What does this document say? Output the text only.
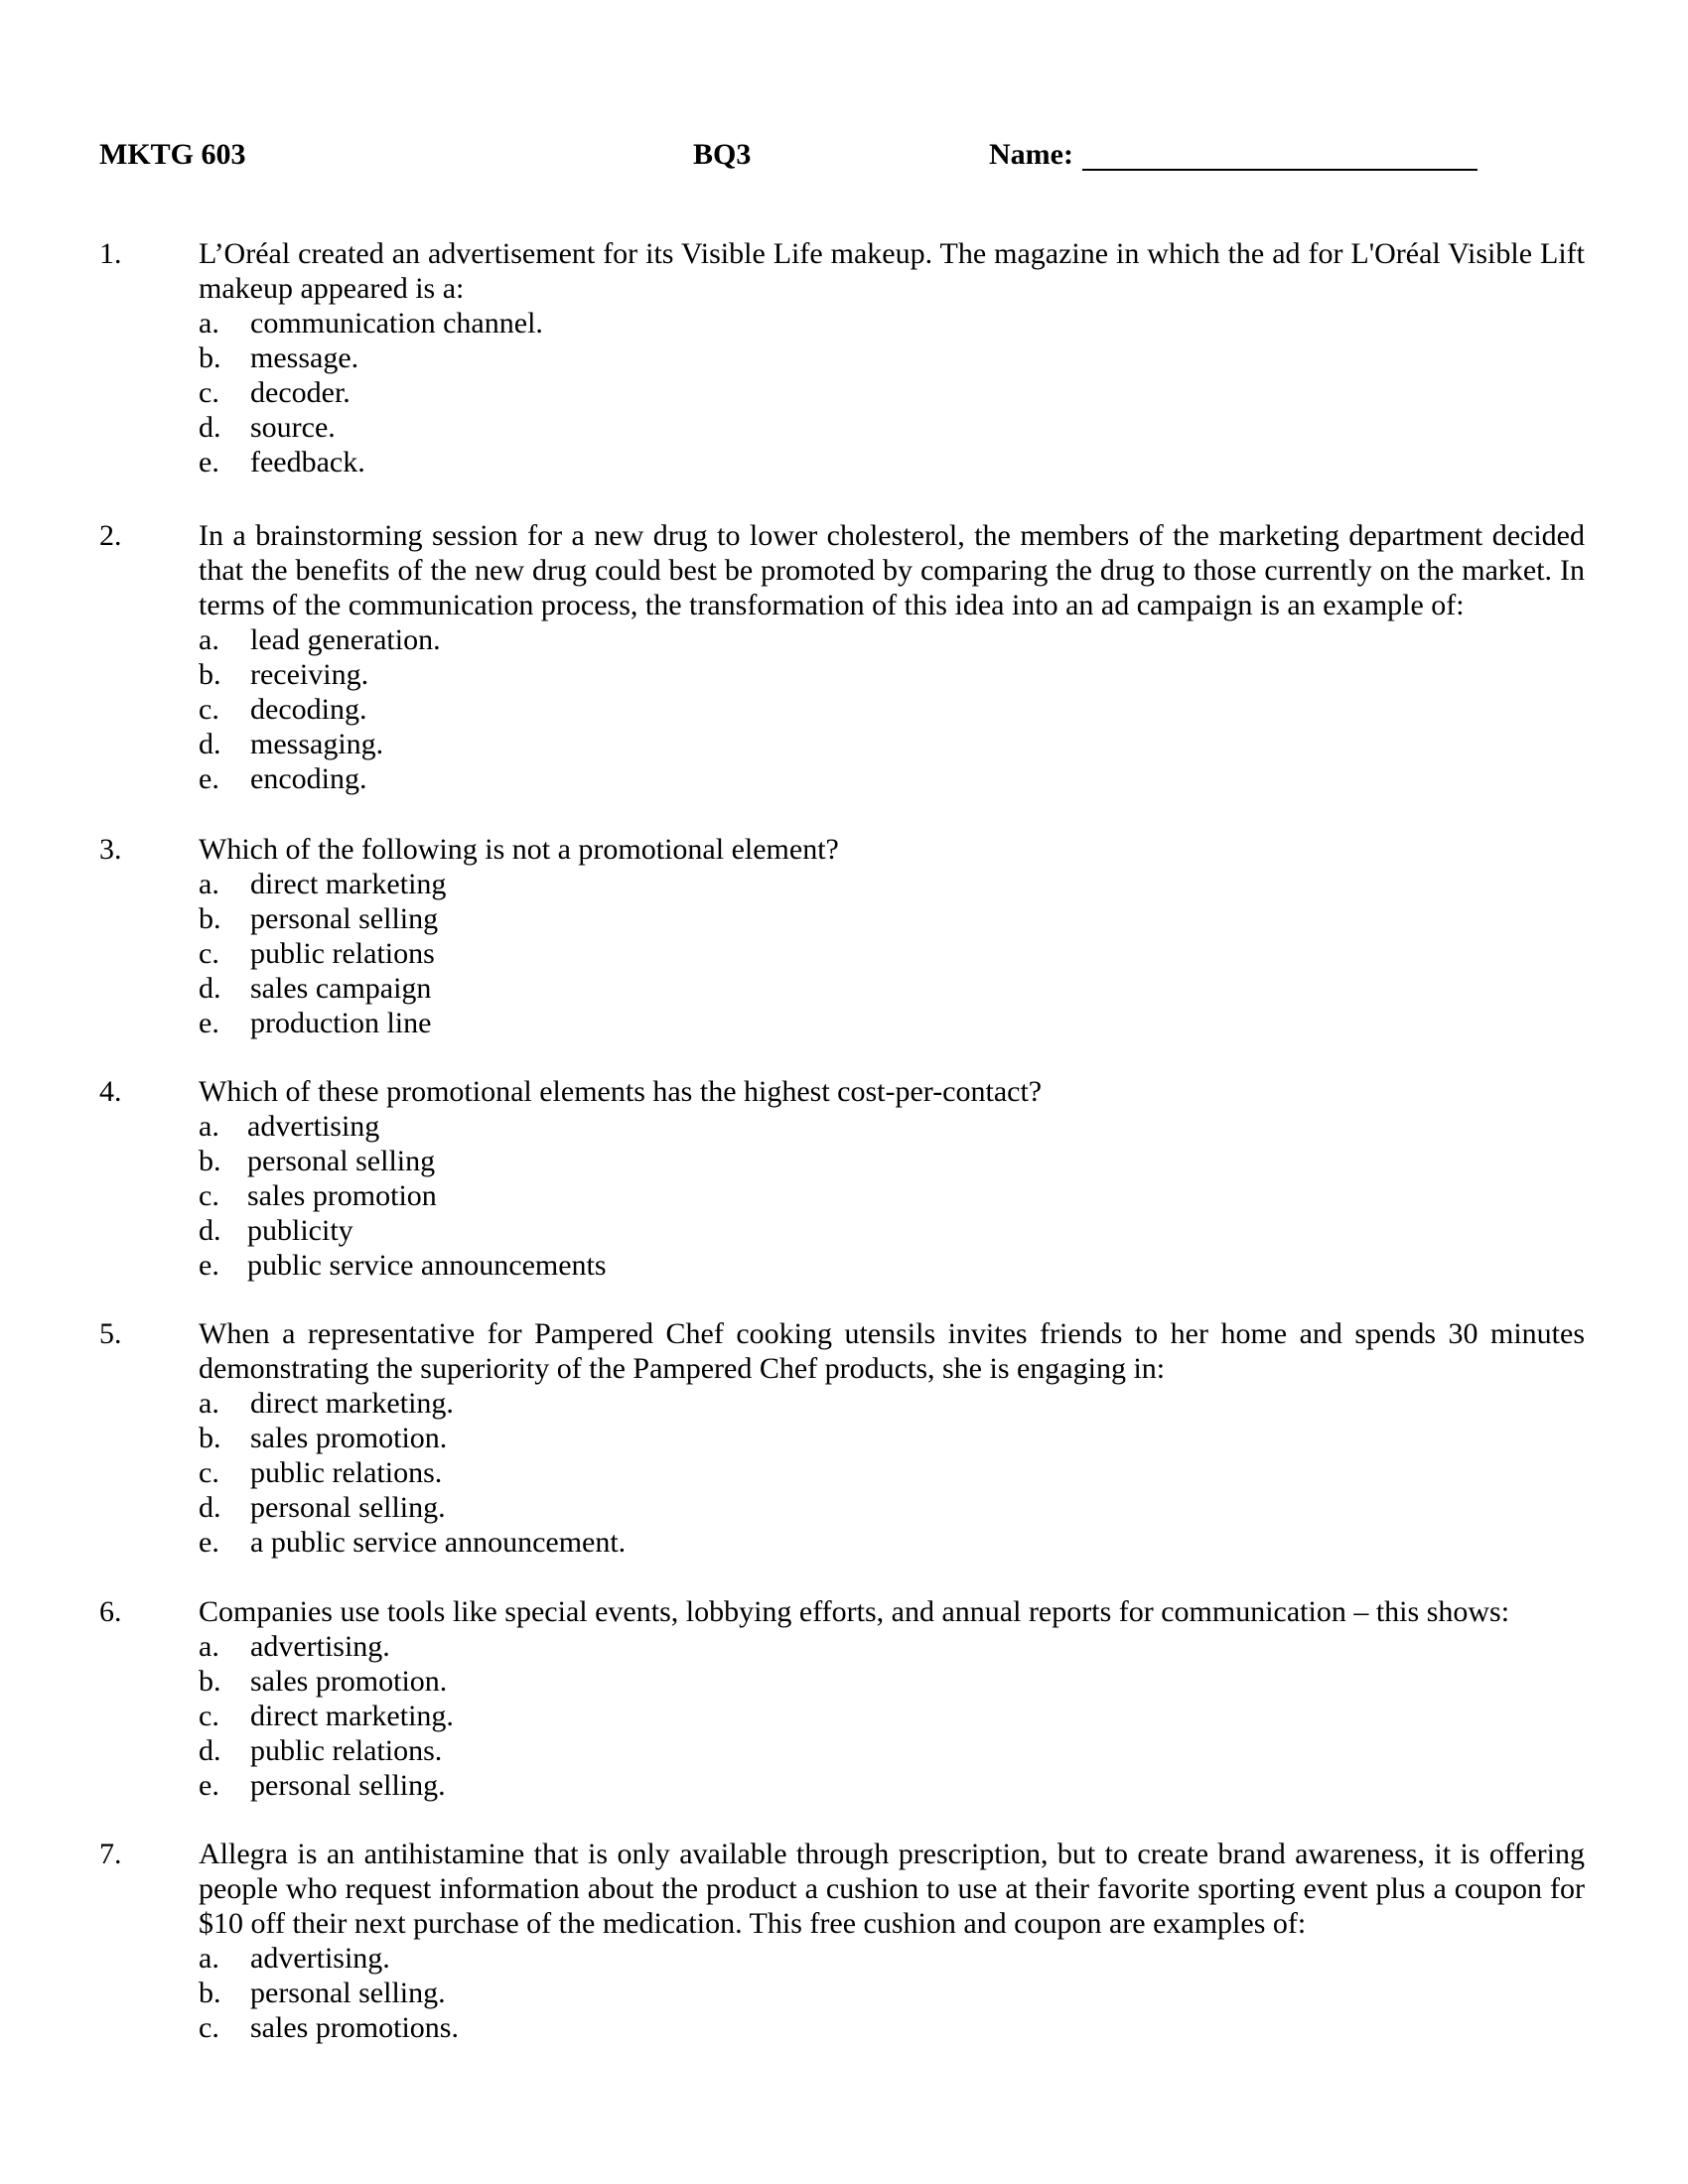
MKTG 603	BQ3	Name:
1.	L’Oréal created an advertisement for its Visible Life makeup. The magazine in which the ad for L'Oréal Visible Lift makeup appeared is a:
a. communication channel.
b. message.
c. decoder.
d. source.
e. feedback.
2.	In a brainstorming session for a new drug to lower cholesterol, the members of the marketing department decided that the benefits of the new drug could best be promoted by comparing the drug to those currently on the market. In terms of the communication process, the transformation of this idea into an ad campaign is an example of:
a. lead generation.
b. receiving.
c. decoding.
d. messaging.
e. encoding.
3.	Which of the following is not a promotional element?
a. direct marketing
b. personal selling
c. public relations
d. sales campaign
e. production line
4.	Which of these promotional elements has the highest cost-per-contact?
a. advertising
b. personal selling
c. sales promotion
d. publicity
e. public service announcements
5.	When a representative for Pampered Chef cooking utensils invites friends to her home and spends 30 minutes demonstrating the superiority of the Pampered Chef products, she is engaging in:
a. direct marketing.
b. sales promotion.
c. public relations.
d. personal selling.
e. a public service announcement.
6.	Companies use tools like special events, lobbying efforts, and annual reports for communication – this shows:
a. advertising.
b. sales promotion.
c. direct marketing.
d. public relations.
e. personal selling.
7.	Allegra is an antihistamine that is only available through prescription, but to create brand awareness, it is offering people who request information about the product a cushion to use at their favorite sporting event plus a coupon for $10 off their next purchase of the medication. This free cushion and coupon are examples of:
a. advertising.
b. personal selling.
c. sales promotions.
